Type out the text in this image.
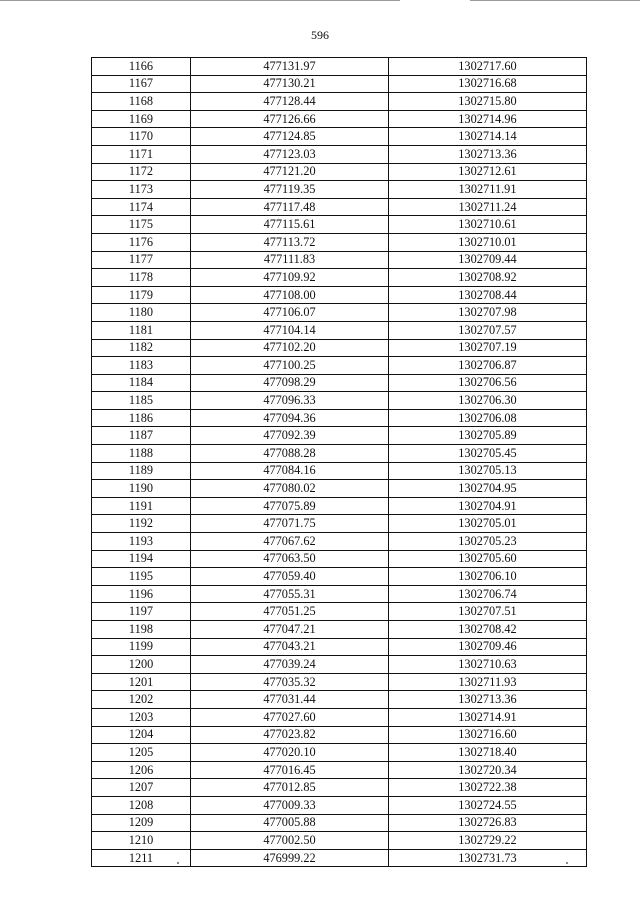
596
1166	477131.97	1302717.60
1167	477130.21	1302716.68
1168	477128.44	1302715.80
1169	477126.66	1302714.96
1170	477124.85	1302714.14
1171	477123.03	1302713.36
1172	477121.20	1302712.61
1173	477119.35	1302711.91
1174	477117.48	1302711.24
1175	477115.61	1302710.61
1176	477113.72	1302710.01
1177	477111.83	1302709.44
1178	477109.92	1302708.92
1179	477108.00	1302708.44
1180	477106.07	1302707.98
1181	477104.14	1302707.57
1182	477102.20	1302707.19
1183	477100.25	1302706.87
1184	477098.29	1302706.56
1185	477096.33	1302706.30
1186	477094.36	1302706.08
1187	477092.39	1302705.89
1188	477088.28	1302705.45
1189	477084.16	1302705.13
1190	477080.02	1302704.95
1191	477075.89	1302704.91
1192	477071.75	1302705.01
1193	477067.62	1302705.23
1194	477063.50	1302705.60
1195	477059.40	1302706.10
1196	477055.31	1302706.74
1197	477051.25	1302707.51
1198	477047.21	1302708.42
1199	477043.21	1302709.46
1200	477039.24	1302710.63
1201	477035.32	1302711.93
1202	477031.44	1302713.36
1203	477027.60	1302714.91
1204	477023.82	1302716.60
1205	477020.10	1302718.40
1206	477016.45	1302720.34
1207	477012.85	1302722.38
1208	477009.33	1302724.55
1209	477005.88	1302726.83
1210	477002.50	1302729.22
1211	476999.22	1302731.73
